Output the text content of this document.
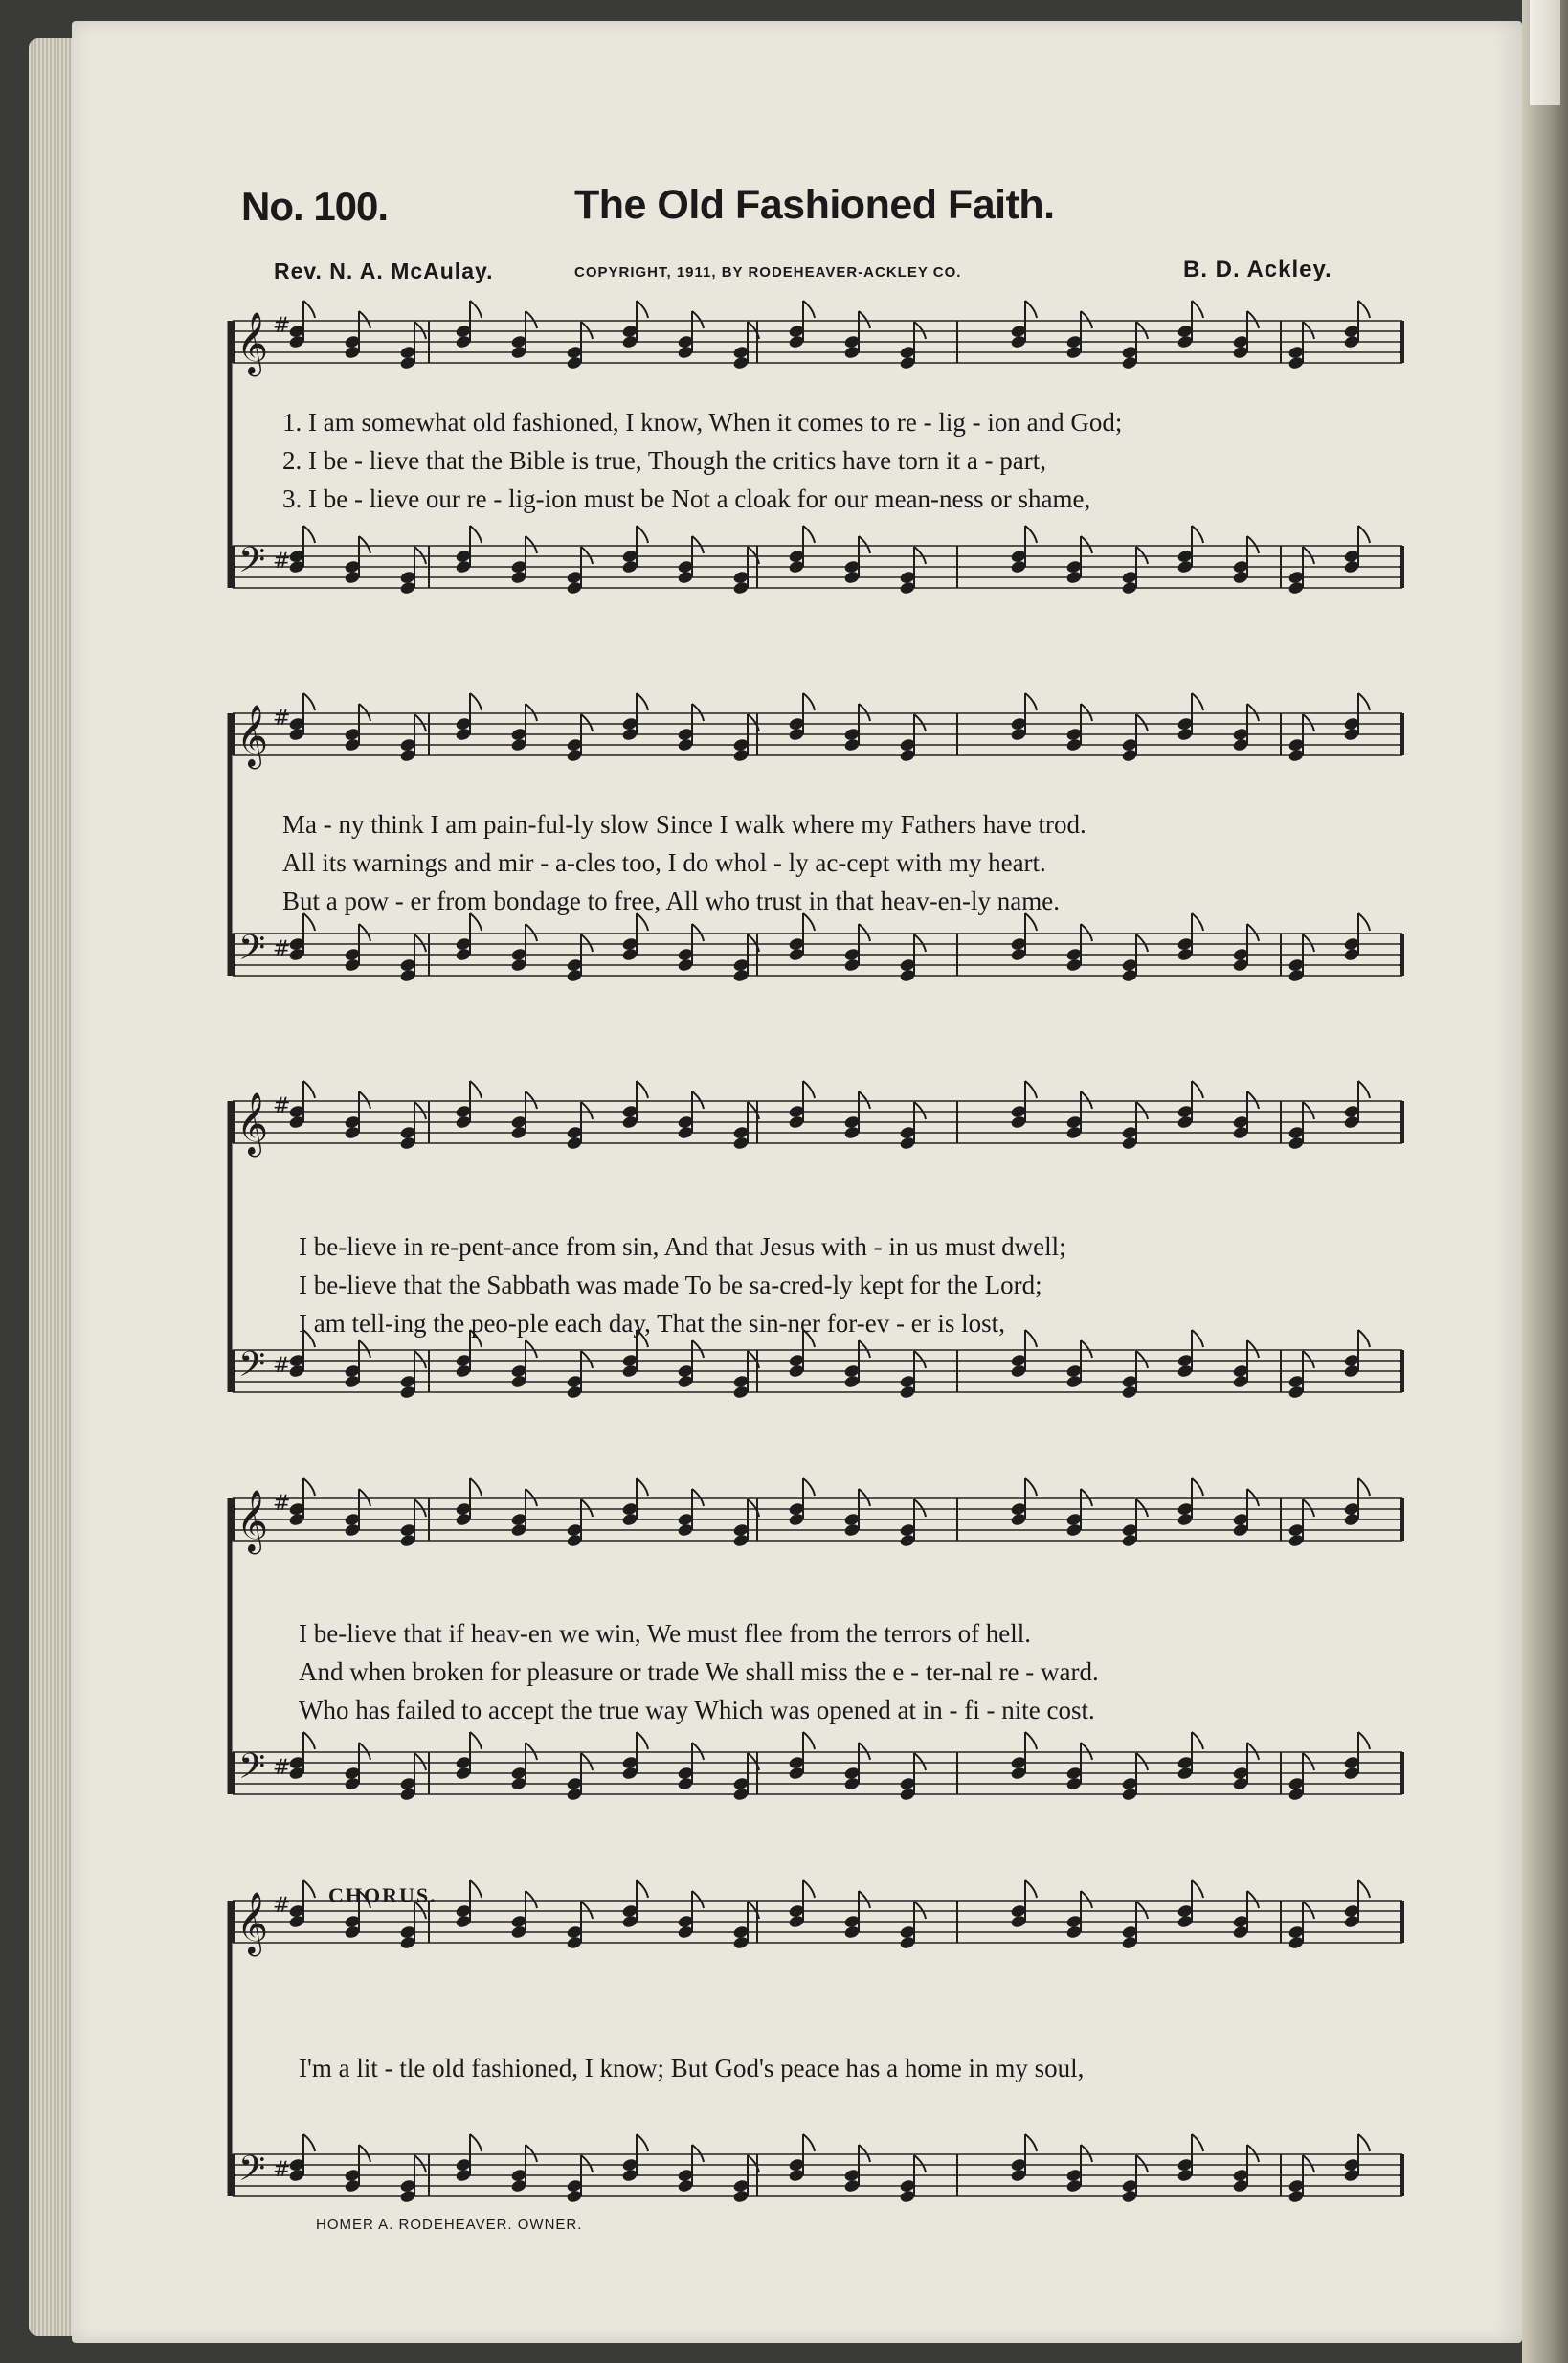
No. 100.	The Old Fashioned Faith.
Rev. N. A. McAulay.	COPYRIGHT, 1911, BY RODEHEAVER-ACKLEY CO.	B. D. Ackley.
𝄞
𝄢
#
#
𝄞
𝄢
#
#
𝄞
𝄢
#
#
𝄞
𝄢
#
#
𝄞
𝄢
#
#
1. I am somewhat old fashioned, I know, When it comes to re - lig - ion and God;
2. I be - lieve that the Bible is true, Though the critics have torn it a - part,
3. I be - lieve our re - lig-ion must be Not a cloak for our mean-ness or shame,
Ma - ny think I am pain-ful-ly slow Since I walk where my Fathers have trod.
All its warnings and mir - a-cles too, I do whol - ly ac-cept with my heart.
But a pow - er from bondage to free, All who trust in that heav-en-ly name.
I be-lieve in re-pent-ance from sin, And that Jesus with - in us must dwell;
I be-lieve that the Sabbath was made To be sa-cred-ly kept for the Lord;
I am tell-ing the peo-ple each day, That the sin-ner for-ev - er is lost,
I be-lieve that if heav-en we win, We must flee from the terrors of hell.
And when broken for pleasure or trade We shall miss the e - ter-nal re - ward.
Who has failed to accept the true way Which was opened at in - fi - nite cost.
CHORUS.
I'm a lit - tle old fashioned, I know; But God's peace has a home in my soul,
HOMER A. RODEHEAVER. OWNER.
